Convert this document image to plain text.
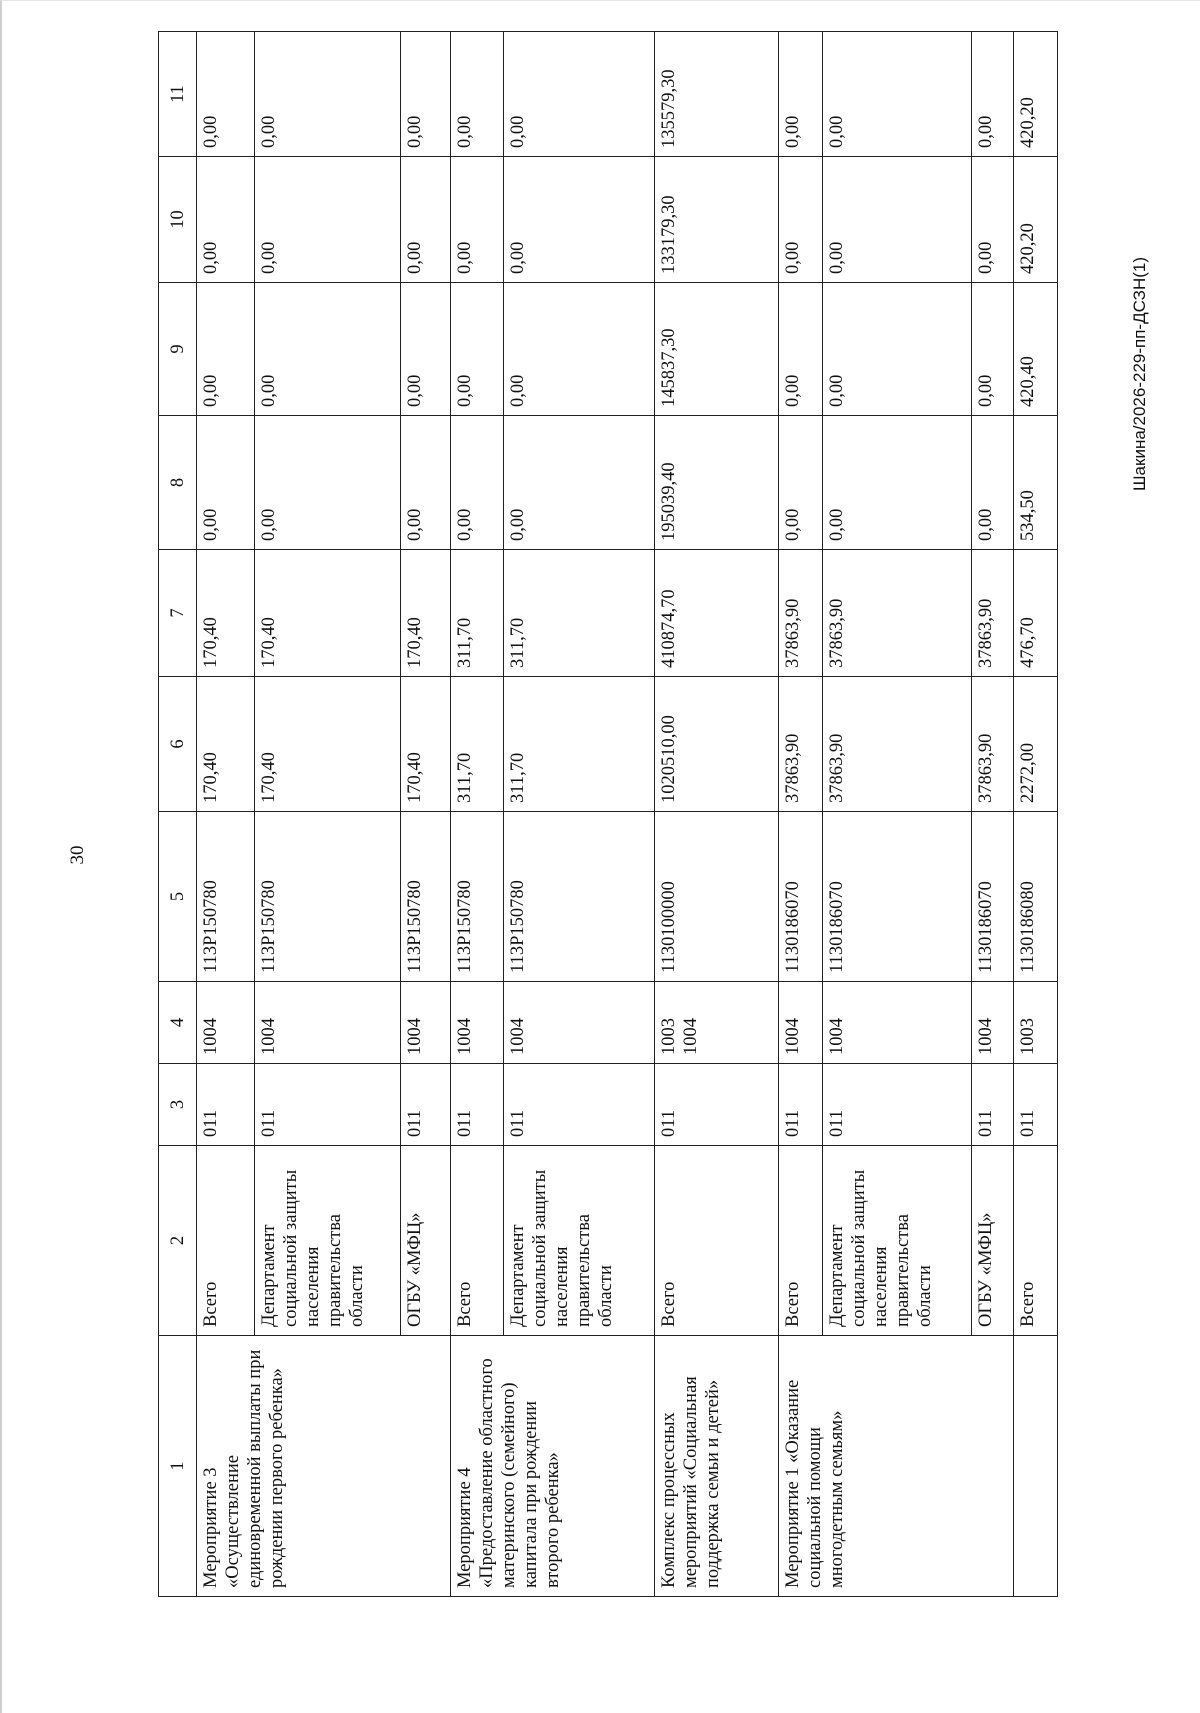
30
Шакина/2026-229-пп-ДСЗН(1)
1	2	3	4	5	6	7	8	9	10	11
Мероприятие 3 «Осуществление единовременной выплаты при рождении первого ребенка»	Всего	011	1004	113Р150780	170,40	170,40	0,00	0,00	0,00	0,00
	Департамент социальной защиты населения правительства области	011	1004	113Р150780	170,40	170,40	0,00	0,00	0,00	0,00
	ОГБУ «МФЦ»	011	1004	113Р150780	170,40	170,40	0,00	0,00	0,00	0,00
Мероприятие 4 «Предоставление областного материнского (семейного) капитала при рождении второго ребенка»	Всего	011	1004	113Р150780	311,70	311,70	0,00	0,00	0,00	0,00
	Департамент социальной защиты населения правительства области	011	1004	113Р150780	311,70	311,70	0,00	0,00	0,00	0,00
Комплекс процессных мероприятий «Социальная поддержка семьи и детей»	Всего	011	1003 1004	1130100000	1020510,00	410874,70	195039,40	145837,30	133179,30	135579,30
Мероприятие 1 «Оказание социальной помощи многодетным семьям»	Всего	011	1004	1130186070	37863,90	37863,90	0,00	0,00	0,00	0,00
	Департамент социальной защиты населения правительства области	011	1004	1130186070	37863,90	37863,90	0,00	0,00	0,00	0,00
	ОГБУ «МФЦ»	011	1004	1130186070	37863,90	37863,90	0,00	0,00	0,00	0,00
	Всего	011	1003	1130186080	2272,00	476,70	534,50	420,40	420,20	420,20
